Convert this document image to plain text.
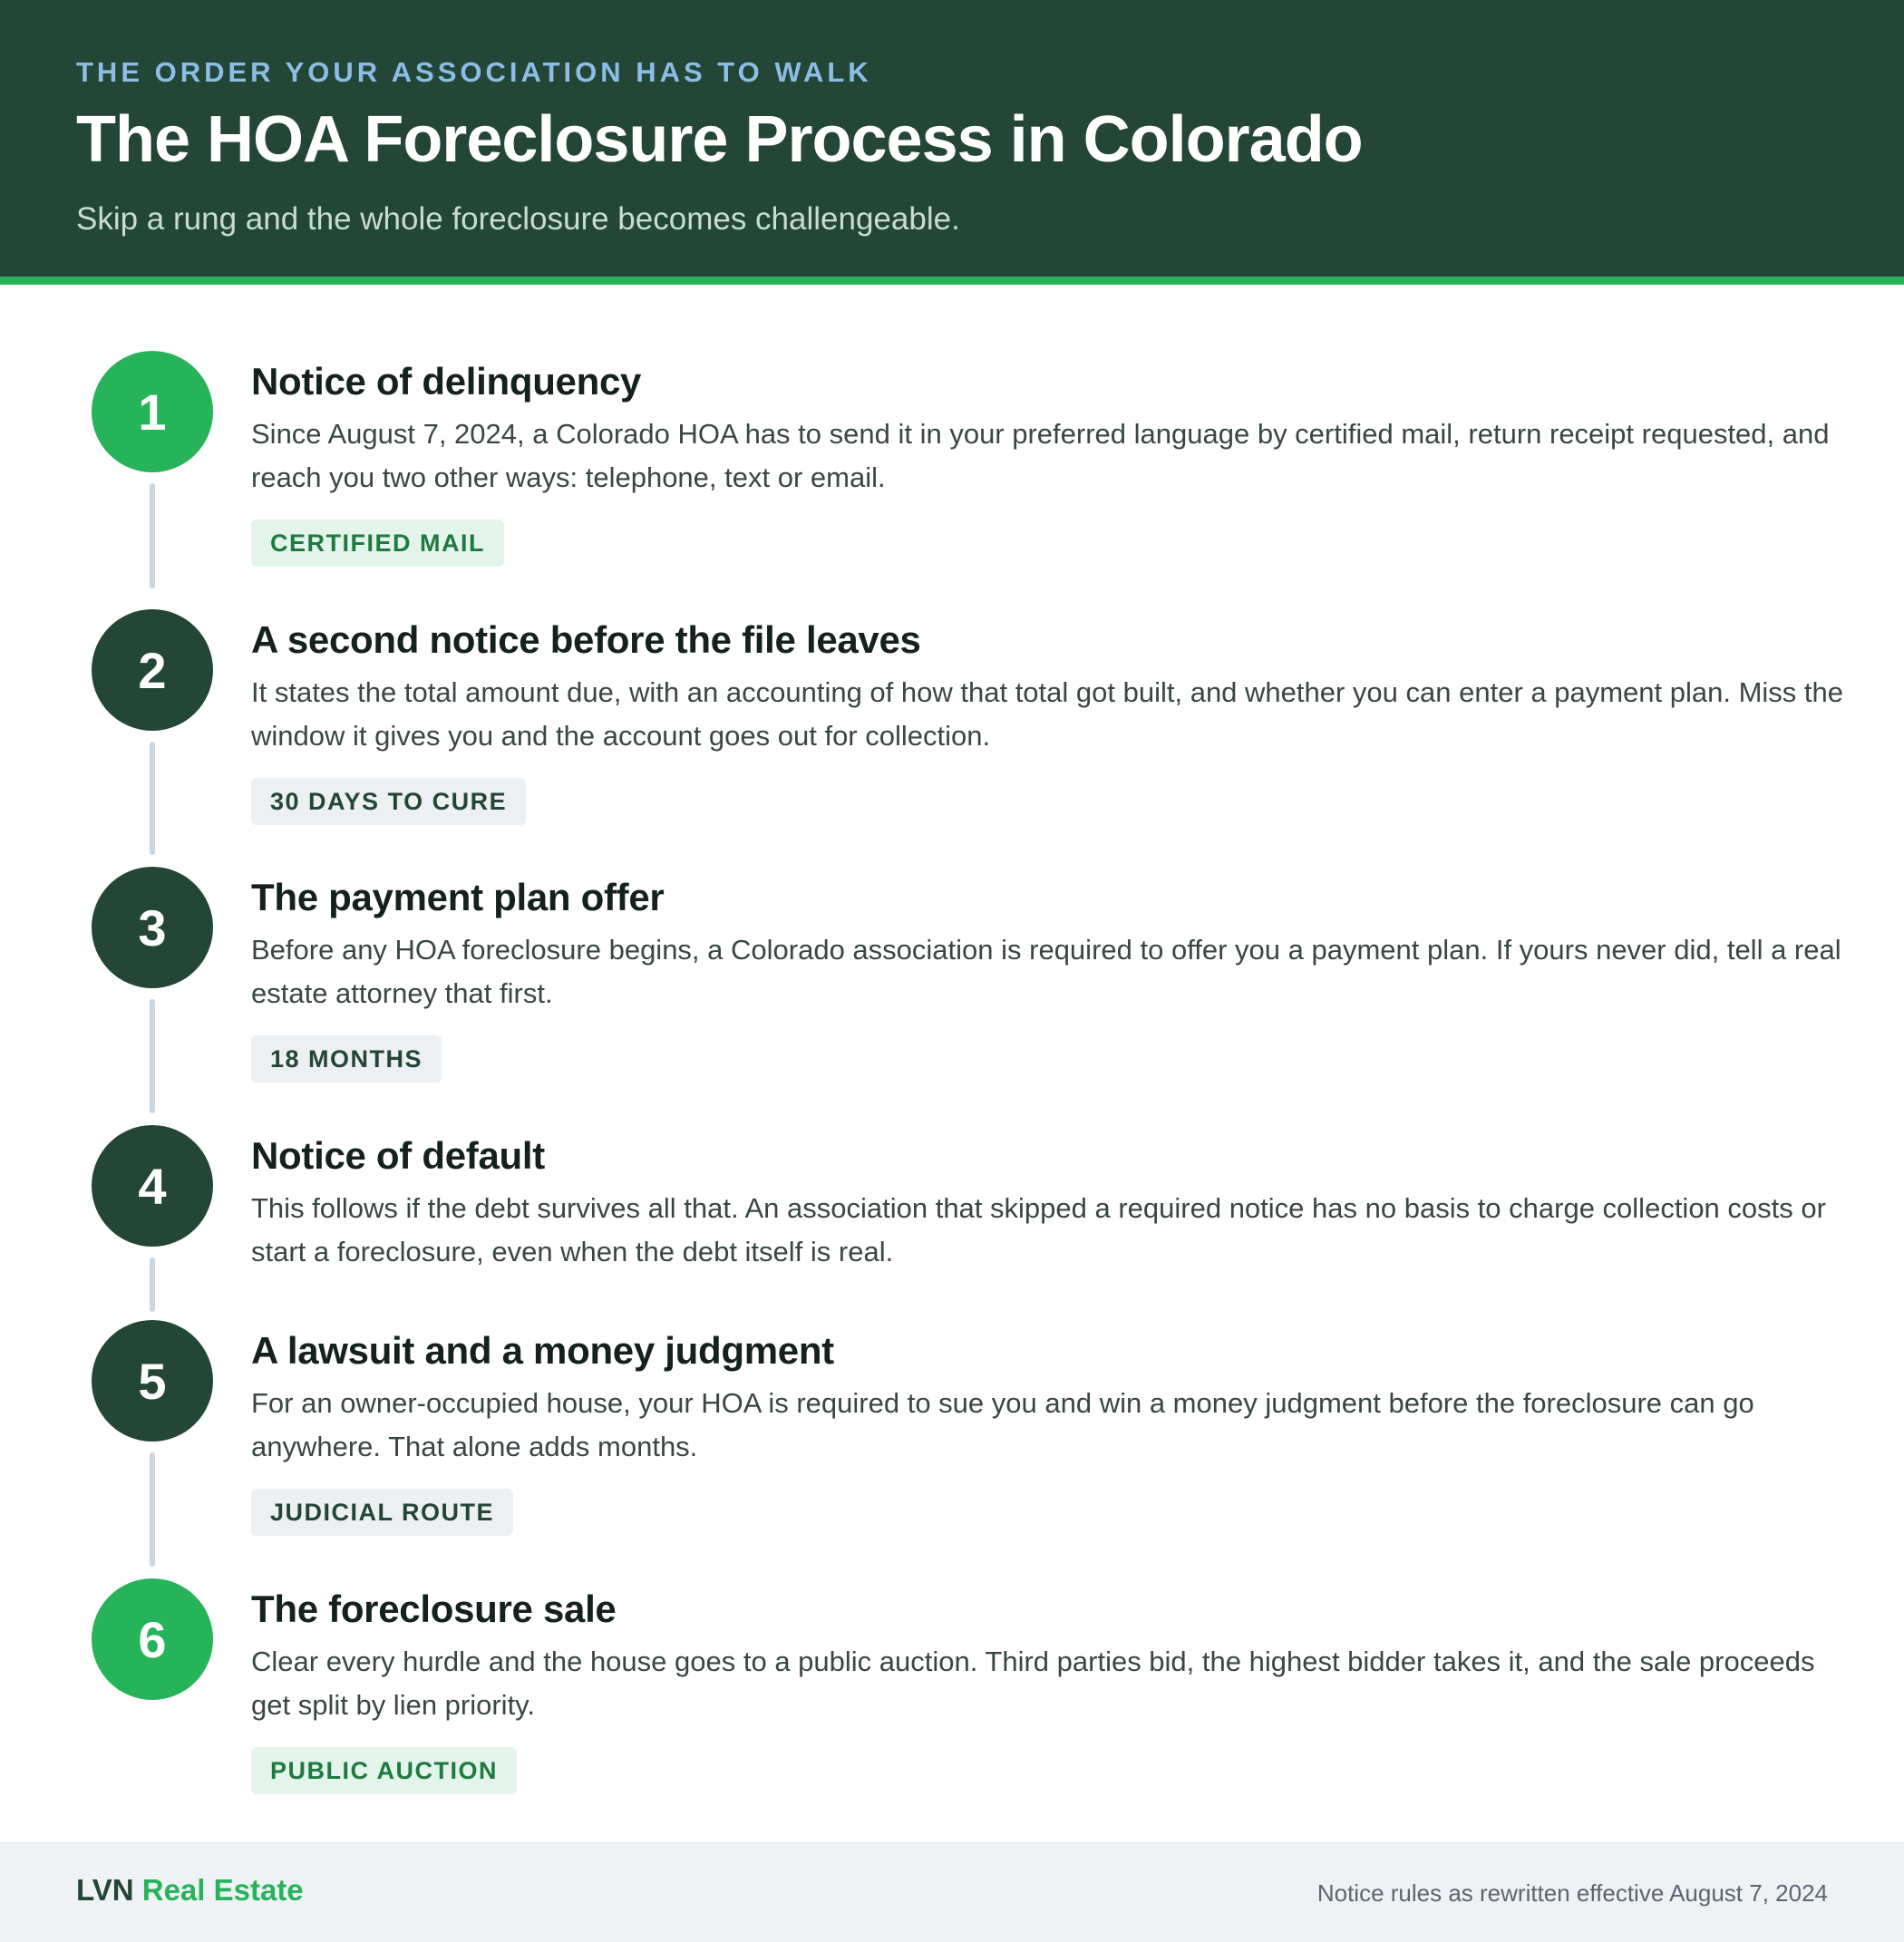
THE ORDER YOUR ASSOCIATION HAS TO WALK
The HOA Foreclosure Process in Colorado
Skip a rung and the whole foreclosure becomes challengeable.
1
Notice of delinquency
Since August 7, 2024, a Colorado HOA has to send it in your preferred language by certified mail, return receipt requested, and reach you two other ways: telephone, text or email.
CERTIFIED MAIL
2
A second notice before the file leaves
It states the total amount due, with an accounting of how that total got built, and whether you can enter a payment plan. Miss the window it gives you and the account goes out for collection.
30 DAYS TO CURE
3
The payment plan offer
Before any HOA foreclosure begins, a Colorado association is required to offer you a payment plan. If yours never did, tell a real estate attorney that first.
18 MONTHS
4
Notice of default
This follows if the debt survives all that. An association that skipped a required notice has no basis to charge collection costs or start a foreclosure, even when the debt itself is real.
5
A lawsuit and a money judgment
For an owner-occupied house, your HOA is required to sue you and win a money judgment before the foreclosure can go anywhere. That alone adds months.
JUDICIAL ROUTE
6
The foreclosure sale
Clear every hurdle and the house goes to a public auction. Third parties bid, the highest bidder takes it, and the sale proceeds get split by lien priority.
PUBLIC AUCTION
LVN Real Estate	Notice rules as rewritten effective August 7, 2024
